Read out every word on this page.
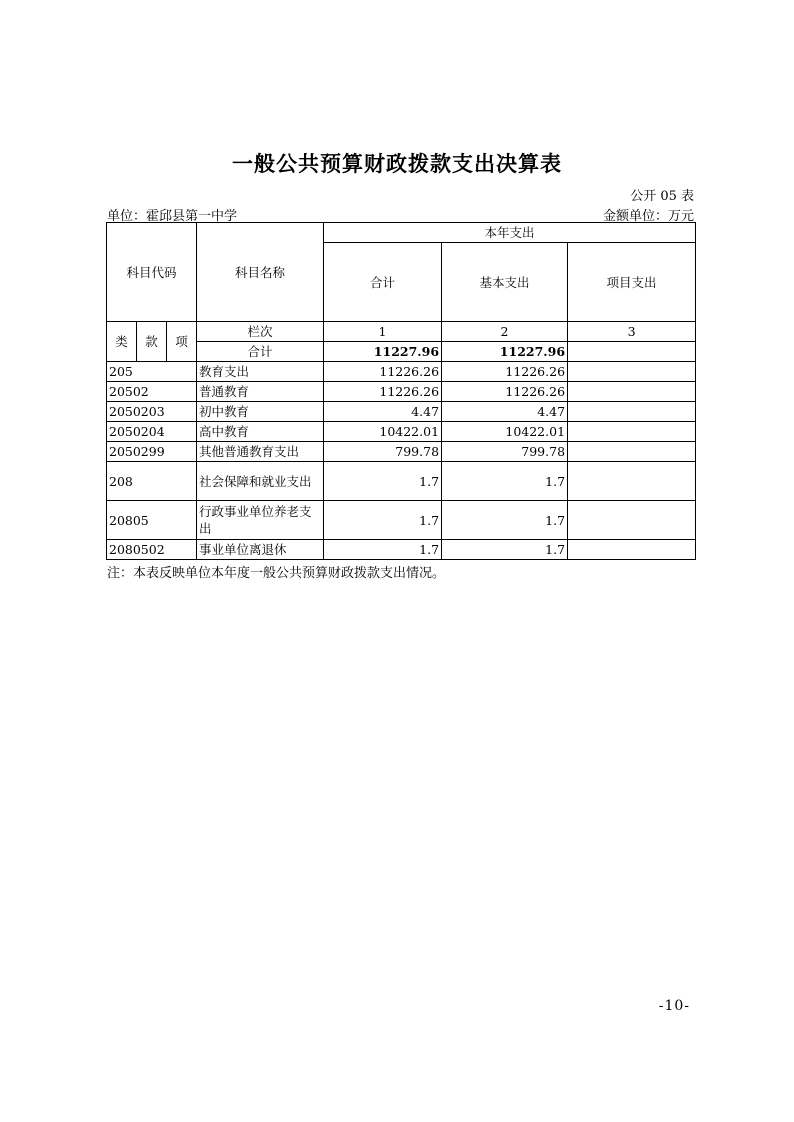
一般公共预算财政拨款支出决算表
公开 05 表
单位：霍邱县第一中学	金额单位：万元
科目代码			科目名称	本年支出		
				合计	基本支出	项目支出
类	款	项	栏次	1	2	3
			合计	11227.96	11227.96	
205			教育支出	11226.26	11226.26	
20502			普通教育	11226.26	11226.26	
2050203			初中教育	4.47	4.47	
2050204			高中教育	10422.01	10422.01	
2050299			其他普通教育支出	799.78	799.78	
208			社会保障和就业支出	1.7	1.7	
20805			行政事业单位养老支出	1.7	1.7	
2080502			事业单位离退休	1.7	1.7	
注：本表反映单位本年度一般公共预算财政拨款支出情况。
-10-
